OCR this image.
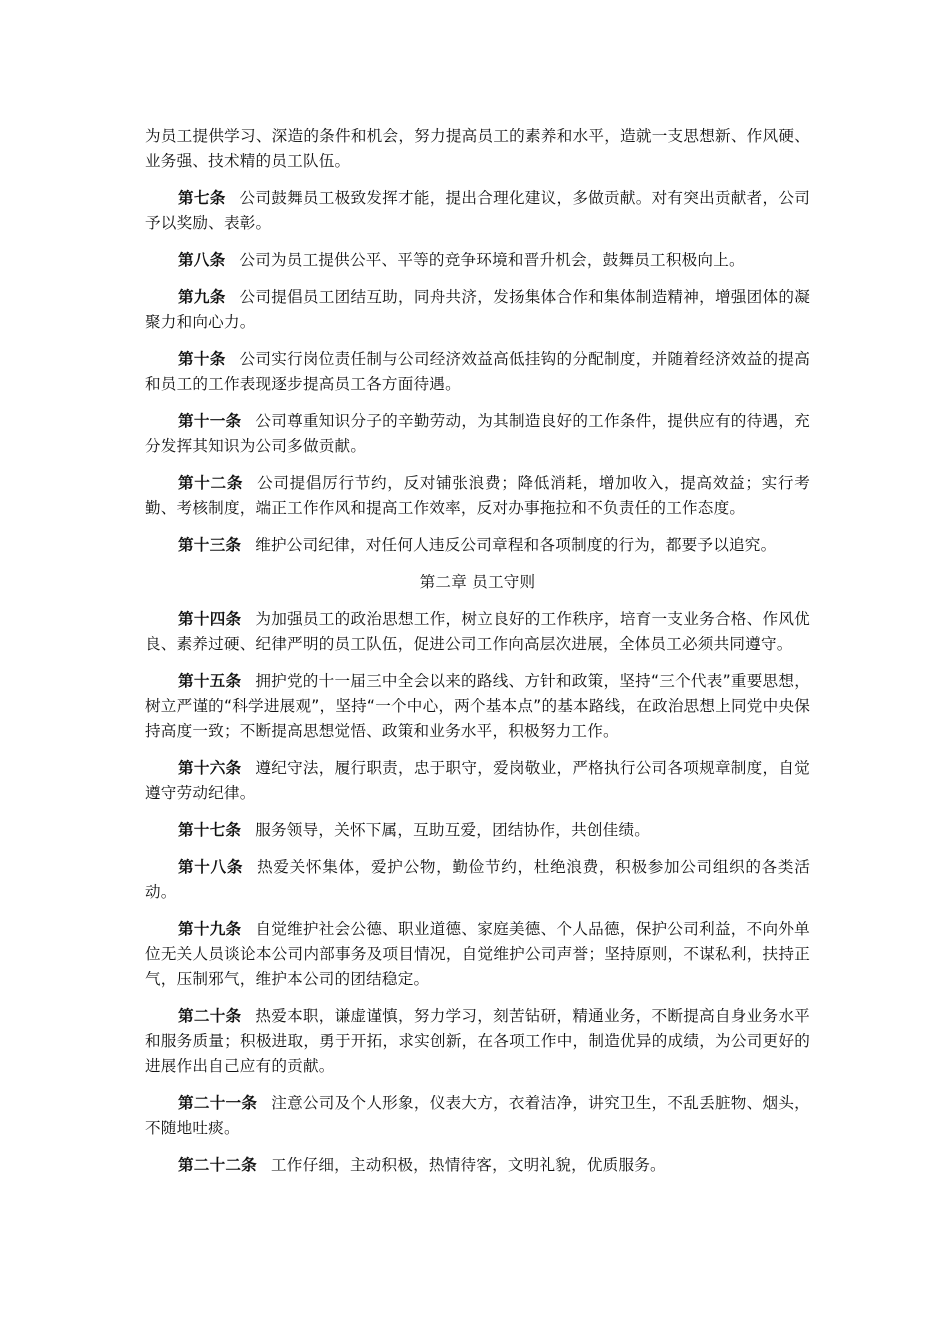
为员工提供学习、深造的条件和机会，努力提高员工的素养和水平，造就一支思想新、作风硬、业务强、技术精的员工队伍。

第七条 公司鼓舞员工极致发挥才能，提出合理化建议，多做贡献。对有突出贡献者，公司予以奖励、表彰。

第八条 公司为员工提供公平、平等的竞争环境和晋升机会，鼓舞员工积极向上。

第九条 公司提倡员工团结互助，同舟共济，发扬集体合作和集体制造精神，增强团体的凝聚力和向心力。

第十条 公司实行岗位责任制与公司经济效益高低挂钩的分配制度，并随着经济效益的提高和员工的工作表现逐步提高员工各方面待遇。

第十一条 公司尊重知识分子的辛勤劳动，为其制造良好的工作条件，提供应有的待遇，充分发挥其知识为公司多做贡献。

第十二条 公司提倡厉行节约，反对铺张浪费；降低消耗，增加收入，提高效益；实行考勤、考核制度，端正工作作风和提高工作效率，反对办事拖拉和不负责任的工作态度。

第十三条 维护公司纪律，对任何人违反公司章程和各项制度的行为，都要予以追究。

第二章 员工守则

第十四条 为加强员工的政治思想工作，树立良好的工作秩序，培育一支业务合格、作风优良、素养过硬、纪律严明的员工队伍，促进公司工作向高层次进展，全体员工必须共同遵守。

第十五条 拥护党的十一届三中全会以来的路线、方针和政策，坚持“三个代表”重要思想，树立严谨的“科学进展观”，坚持“一个中心，两个基本点”的基本路线，在政治思想上同党中央保持高度一致；不断提高思想觉悟、政策和业务水平，积极努力工作。

第十六条 遵纪守法，履行职责，忠于职守，爱岗敬业，严格执行公司各项规章制度，自觉遵守劳动纪律。

第十七条 服务领导，关怀下属，互助互爱，团结协作，共创佳绩。

第十八条 热爱关怀集体，爱护公物，勤俭节约，杜绝浪费，积极参加公司组织的各类活动。

第十九条 自觉维护社会公德、职业道德、家庭美德、个人品德，保护公司利益，不向外单位无关人员谈论本公司内部事务及项目情况，自觉维护公司声誉；坚持原则，不谋私利，扶持正气，压制邪气，维护本公司的团结稳定。

第二十条 热爱本职，谦虚谨慎，努力学习，刻苦钻研，精通业务，不断提高自身业务水平和服务质量；积极进取，勇于开拓，求实创新，在各项工作中，制造优异的成绩，为公司更好的进展作出自己应有的贡献。

第二十一条 注意公司及个人形象，仪表大方，衣着洁净，讲究卫生，不乱丢脏物、烟头，不随地吐痰。

第二十二条 工作仔细，主动积极，热情待客，文明礼貌，优质服务。
